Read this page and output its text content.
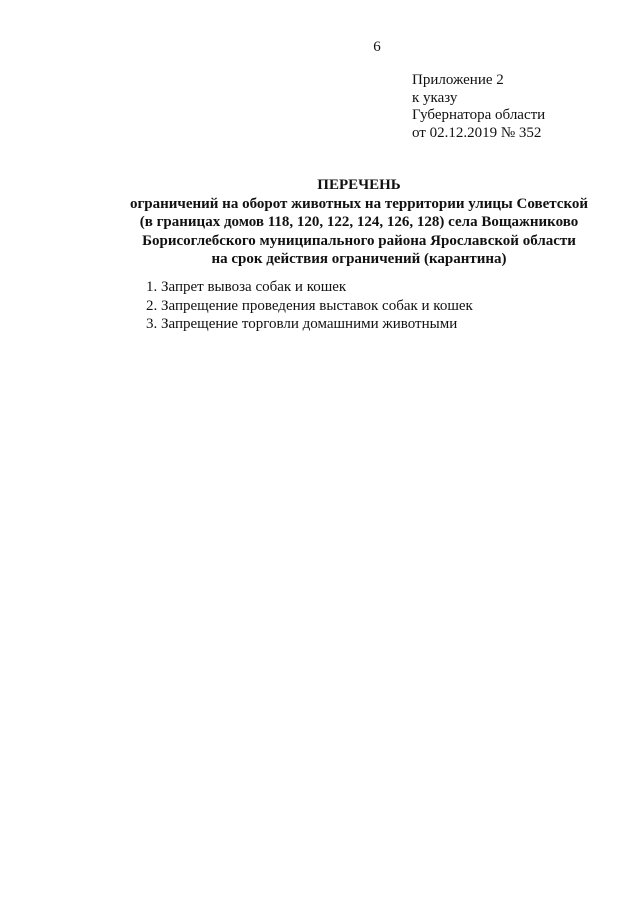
6
Приложение 2
к указу
Губернатора области
от 02.12.2019 № 352
ПЕРЕЧЕНЬ
ограничений на оборот животных на территории улицы Советской
(в границах домов 118, 120, 122, 124, 126, 128) села Вощажниково
Борисоглебского муниципального района Ярославской области
на срок действия ограничений (карантина)
1. Запрет вывоза собак и кошек
2. Запрещение проведения выставок собак и кошек
3. Запрещение торговли домашними животными
